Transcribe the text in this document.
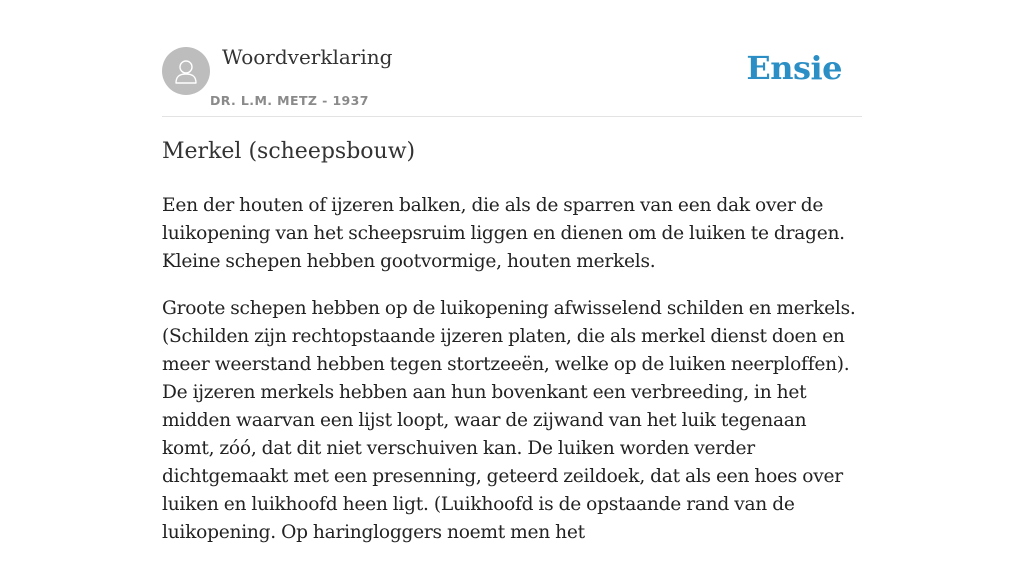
Woordverklaring
DR. L.M. METZ - 1937
Ensie
Merkel (scheepsbouw)

Een der houten of ijzeren balken, die als de sparren van een dak over de luikopening van het scheepsruim liggen en dienen om de luiken te dragen. Kleine schepen hebben gootvormige, houten merkels.

Groote schepen hebben op de luikopening afwisselend schilden en merkels. (Schilden zijn rechtopstaande ijzeren platen, die als merkel dienst doen en meer weerstand hebben tegen stortzeeën, welke op de luiken neerploffen). De ijzeren merkels hebben aan hun bovenkant een verbreeding, in het midden waarvan een lijst loopt, waar de zijwand van het luik tegenaan komt, zóó, dat dit niet verschuiven kan. De luiken worden verder dichtgemaakt met een presenning, geteerd zeildoek, dat als een hoes over luiken en luikhoofd heen ligt. (Luikhoofd is de opstaande rand van de luikopening. Op haringloggers noemt men het
